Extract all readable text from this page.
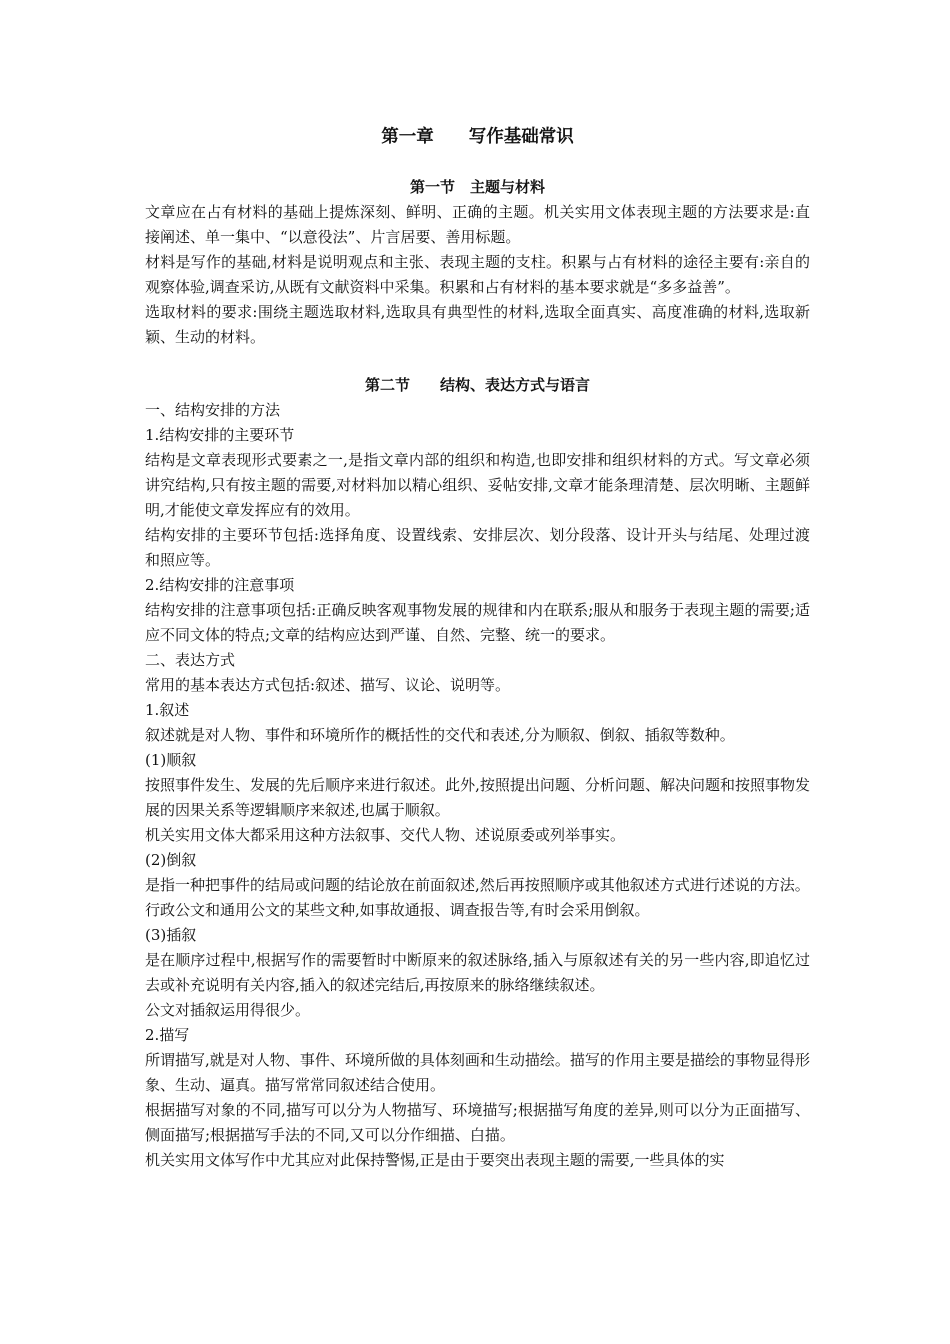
第一章　　写作基础常识
第一节　主题与材料

文章应在占有材料的基础上提炼深刻、鲜明、正确的主题。机关实用文体表现主题的方法要求是:直接阐述、单一集中、“以意役法”、片言居要、善用标题。

材料是写作的基础,材料是说明观点和主张、表现主题的支柱。积累与占有材料的途径主要有:亲自的观察体验,调查采访,从既有文献资料中采集。积累和占有材料的基本要求就是“多多益善”。

选取材料的要求:围绕主题选取材料,选取具有典型性的材料,选取全面真实、高度准确的材料,选取新颖、生动的材料。

第二节　　结构、表达方式与语言

一、结构安排的方法

1.结构安排的主要环节

结构是文章表现形式要素之一,是指文章内部的组织和构造,也即安排和组织材料的方式。写文章必须讲究结构,只有按主题的需要,对材料加以精心组织、妥帖安排,文章才能条理清楚、层次明晰、主题鲜明,才能使文章发挥应有的效用。

结构安排的主要环节包括:选择角度、设置线索、安排层次、划分段落、设计开头与结尾、处理过渡和照应等。

2.结构安排的注意事项

结构安排的注意事项包括:正确反映客观事物发展的规律和内在联系;服从和服务于表现主题的需要;适应不同文体的特点;文章的结构应达到严谨、自然、完整、统一的要求。

二、表达方式

常用的基本表达方式包括:叙述、描写、议论、说明等。

1.叙述

叙述就是对人物、事件和环境所作的概括性的交代和表述,分为顺叙、倒叙、插叙等数种。

(1)顺叙

按照事件发生、发展的先后顺序来进行叙述。此外,按照提出问题、分析问题、解决问题和按照事物发展的因果关系等逻辑顺序来叙述,也属于顺叙。

机关实用文体大都采用这种方法叙事、交代人物、述说原委或列举事实。

(2)倒叙

是指一种把事件的结局或问题的结论放在前面叙述,然后再按照顺序或其他叙述方式进行述说的方法。

行政公文和通用公文的某些文种,如事故通报、调查报告等,有时会采用倒叙。

(3)插叙

是在顺序过程中,根据写作的需要暂时中断原来的叙述脉络,插入与原叙述有关的另一些内容,即追忆过去或补充说明有关内容,插入的叙述完结后,再按原来的脉络继续叙述。

公文对插叙运用得很少。

2.描写

所谓描写,就是对人物、事件、环境所做的具体刻画和生动描绘。描写的作用主要是描绘的事物显得形象、生动、逼真。描写常常同叙述结合使用。

根据描写对象的不同,描写可以分为人物描写、环境描写;根据描写角度的差异,则可以分为正面描写、侧面描写;根据描写手法的不同,又可以分作细描、白描。

机关实用文体写作中尤其应对此保持警惕,正是由于要突出表现主题的需要,一些具体的实
